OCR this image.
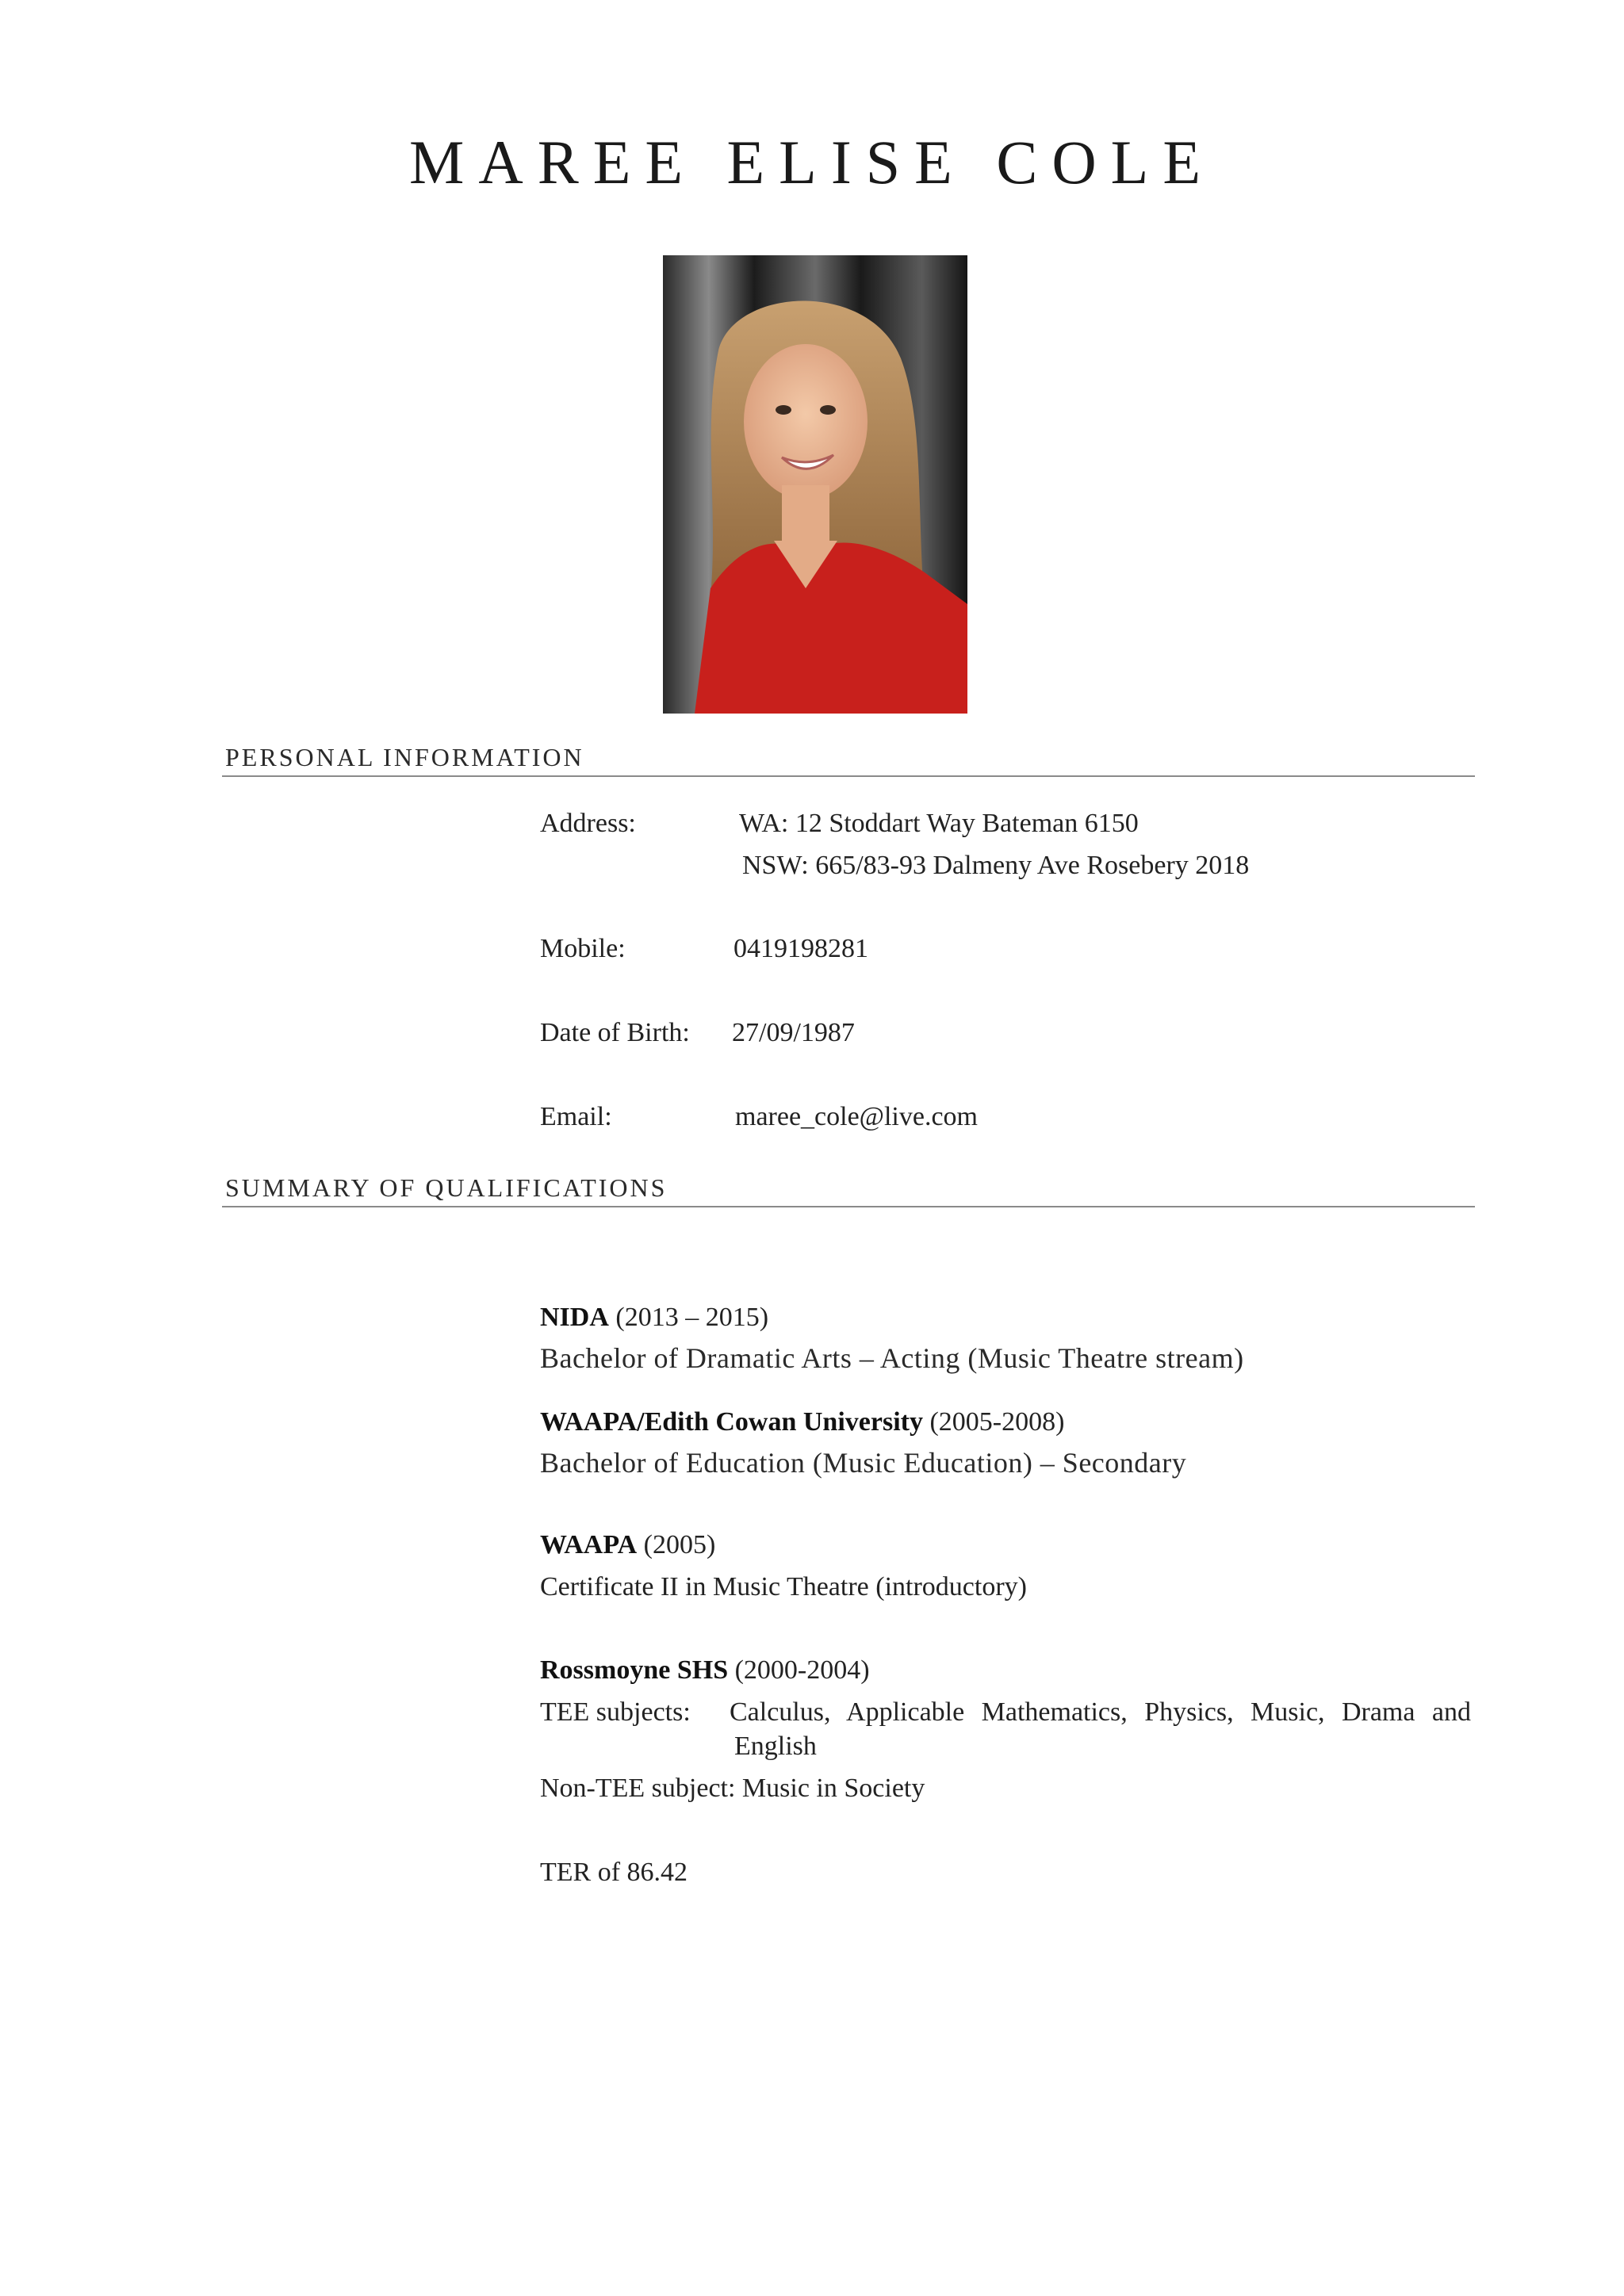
MAREE ELISE COLE
PERSONAL INFORMATION
Address:	WA: 12 Stoddart Way Bateman 6150
NSW: 665/83-93 Dalmeny Ave Rosebery 2018
Mobile:	0419198281
Date of Birth: 27/09/1987
Email:	maree_cole@live.com
SUMMARY OF QUALIFICATIONS
NIDA (2013 – 2015)
Bachelor of Dramatic Arts – Acting (Music Theatre stream)
WAAPA/Edith Cowan University (2005-2008)
Bachelor of Education (Music Education) – Secondary
WAAPA (2005)
Certificate II in Music Theatre (introductory)
Rossmoyne SHS (2000-2004)
TEE subjects: Calculus, Applicable Mathematics, Physics, Music, Drama and
English
Non-TEE subject: Music in Society
TER of 86.42
